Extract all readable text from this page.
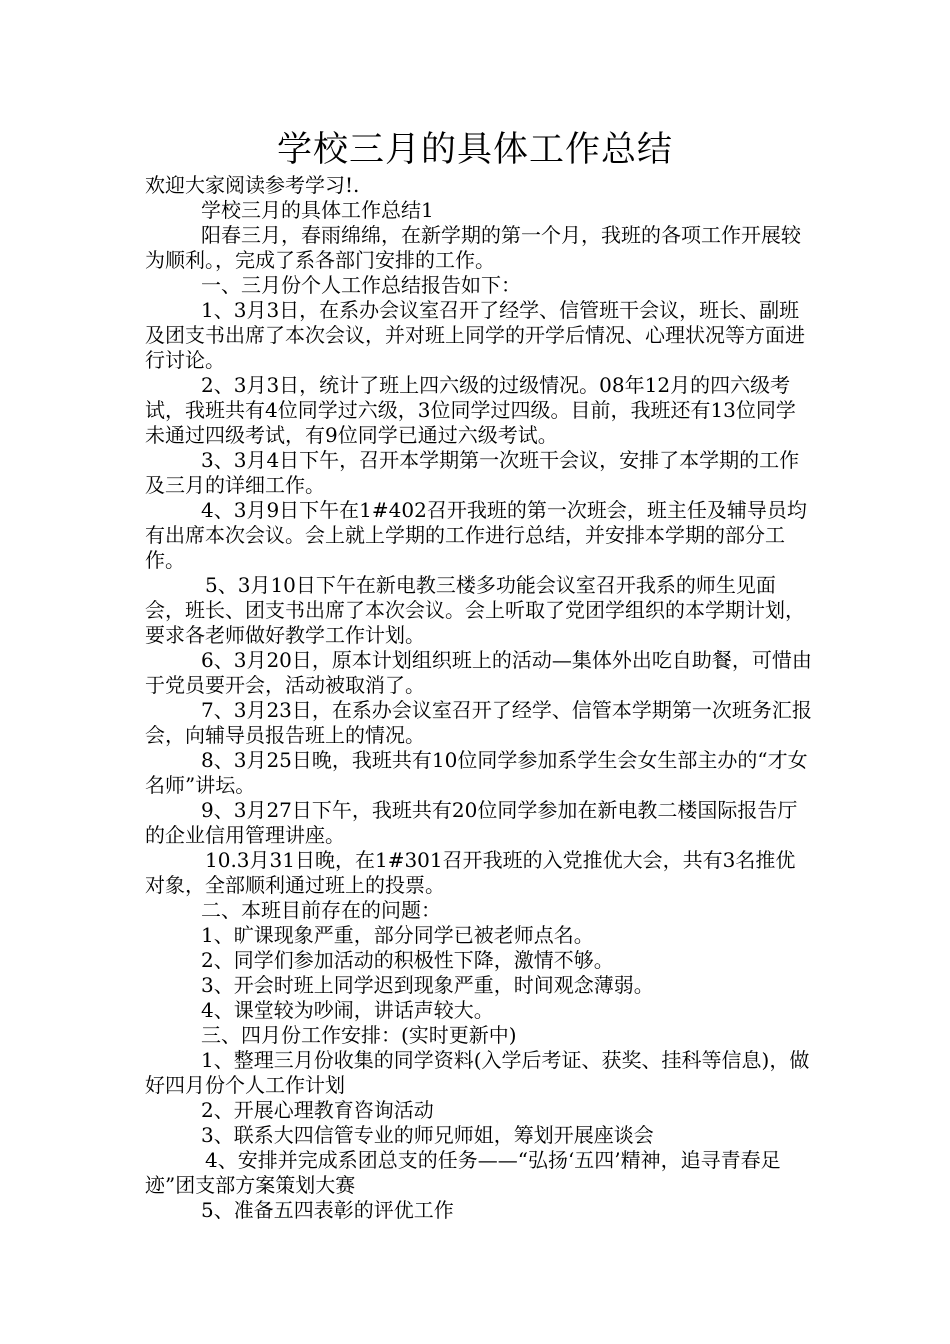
学校三月的具体工作总结

欢迎大家阅读参考学习!.

学校三月的具体工作总结1

阳春三月，春雨绵绵，在新学期的第一个月，我班的各项工作开展较为顺利。，完成了系各部门安排的工作。

一、三月份个人工作总结报告如下：

1、3月3日，在系办会议室召开了经学、信管班干会议，班长、副班及团支书出席了本次会议，并对班上同学的开学后情况、心理状况等方面进行讨论。

2、3月3日，统计了班上四六级的过级情况。08年12月的四六级考试，我班共有4位同学过六级，3位同学过四级。目前，我班还有13位同学未通过四级考试，有9位同学已通过六级考试。

3、3月4日下午，召开本学期第一次班干会议，安排了本学期的工作及三月的详细工作。

4、3月9日下午在1#402召开我班的第一次班会，班主任及辅导员均有出席本次会议。会上就上学期的工作进行总结，并安排本学期的部分工作。

5、3月10日下午在新电教三楼多功能会议室召开我系的师生见面会，班长、团支书出席了本次会议。会上听取了党团学组织的本学期计划，要求各老师做好教学工作计划。

6、3月20日，原本计划组织班上的活动—集体外出吃自助餐，可惜由于党员要开会，活动被取消了。

7、3月23日，在系办会议室召开了经学、信管本学期第一次班务汇报会，向辅导员报告班上的情况。

8、3月25日晚，我班共有10位同学参加系学生会女生部主办的“才女名师”讲坛。

9、3月27日下午，我班共有20位同学参加在新电教二楼国际报告厅的企业信用管理讲座。

10.3月31日晚，在1#301召开我班的入党推优大会，共有3名推优对象，全部顺利通过班上的投票。

二、本班目前存在的问题：

1、旷课现象严重，部分同学已被老师点名。

2、同学们参加活动的积极性下降，激情不够。

3、开会时班上同学迟到现象严重，时间观念薄弱。

4、课堂较为吵闹，讲话声较大。

三、四月份工作安排：(实时更新中)

1、整理三月份收集的同学资料(入学后考证、获奖、挂科等信息)，做好四月份个人工作计划

2、开展心理教育咨询活动

3、联系大四信管专业的师兄师姐，筹划开展座谈会

4、安排并完成系团总支的任务——“弘扬‘五四’精神，追寻青春足迹”团支部方案策划大赛

5、准备五四表彰的评优工作
